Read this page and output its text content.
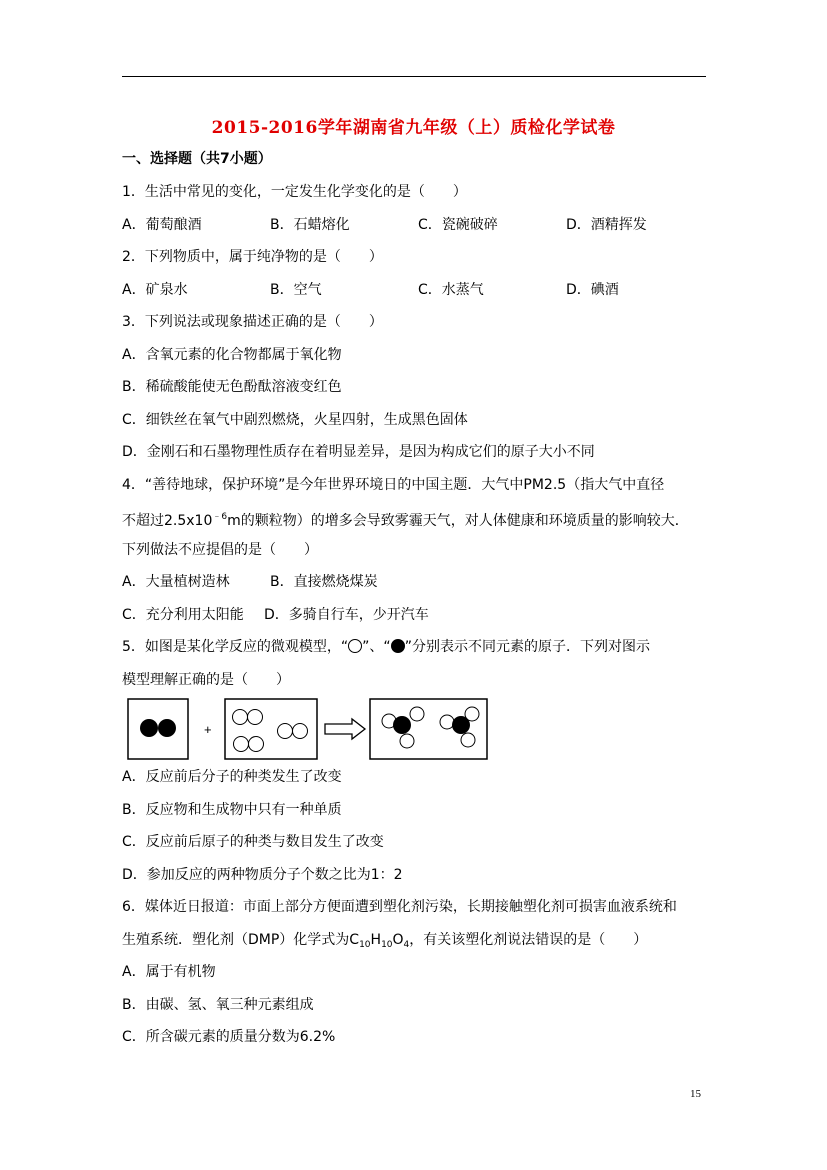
2015-2016学年湖南省九年级（上）质检化学试卷
一、选择题（共7小题）
1．生活中常见的变化，一定发生化学变化的是（　　）
A．葡萄酿酒	B．石蜡熔化	C．瓷碗破碎	D．酒精挥发
2．下列物质中，属于纯净物的是（　　）
A．矿泉水	B．空气	C．水蒸气	D．碘酒
3．下列说法或现象描述正确的是（　　）
A．含氧元素的化合物都属于氧化物
B．稀硫酸能使无色酚酞溶液变红色
C．细铁丝在氧气中剧烈燃烧，火星四射，生成黑色固体
D．金刚石和石墨物理性质存在着明显差异，是因为构成它们的原子大小不同
4．“善待地球，保护环境”是今年世界环境日的中国主题．大气中PM2.5（指大气中直径
不超过$2.5x10^{﹣6}m$的颗粒物）的增多会导致雾霾天气，对人体健康和环境质量的影响较大．
下列做法不应提倡的是（　　）
A．大量植树造林	B．直接燃烧煤炭
C．充分利用太阳能 D．多骑自行车，少开汽车
5．如图是某化学反应的微观模型，“ ”、“ ”分别表示不同元素的原子．下列对图示
模型理解正确的是（　　）
+
A．反应前后分子的种类发生了改变
B．反应物和生成物中只有一种单质
C．反应前后原子的种类与数目发生了改变
D．参加反应的两种物质分子个数之比为1：2
6．媒体近日报道：市面上部分方便面遭到塑化剂污染，长期接触塑化剂可损害血液系统和
生殖系统．塑化剂（DMP）化学式为$C_{10}H_{10}O_4$，有关该塑化剂说法错误的是（　　）
A．属于有机物
B．由碳、氢、氧三种元素组成
C．所含碳元素的质量分数为6.2%
15
